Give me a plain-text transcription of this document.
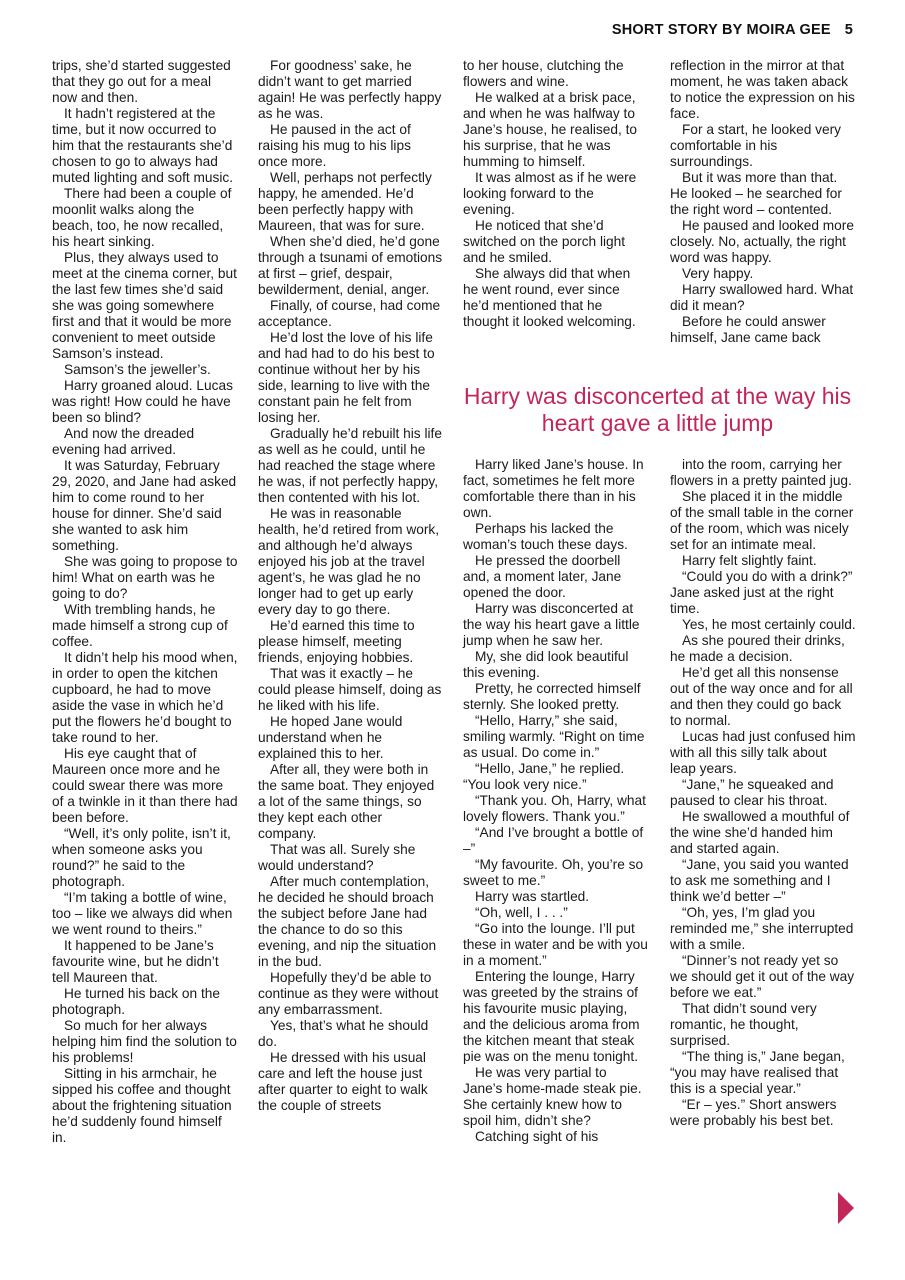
SHORT STORY BY MOIRA GEE 5

trips, she’d started suggested that they go out for a meal now and then.

It hadn’t registered at the time, but it now occurred to him that the restaurants she’d chosen to go to always had muted lighting and soft music.

There had been a couple of moonlit walks along the beach, too, he now recalled, his heart sinking.

Plus, they always used to meet at the cinema corner, but the last few times she’d said she was going somewhere first and that it would be more convenient to meet outside Samson’s instead.

Samson’s the jeweller’s.

Harry groaned aloud. Lucas was right! How could he have been so blind?

And now the dreaded evening had arrived.

It was Saturday, February 29, 2020, and Jane had asked him to come round to her house for dinner. She’d said she wanted to ask him something.

She was going to propose to him! What on earth was he going to do?

With trembling hands, he made himself a strong cup of coffee.

It didn’t help his mood when, in order to open the kitchen cupboard, he had to move aside the vase in which he’d put the flowers he’d bought to take round to her.

His eye caught that of Maureen once more and he could swear there was more of a twinkle in it than there had been before.

“Well, it’s only polite, isn’t it, when someone asks you round?” he said to the photograph.

“I’m taking a bottle of wine, too – like we always did when we went round to theirs.”

It happened to be Jane’s favourite wine, but he didn’t tell Maureen that.

He turned his back on the photograph.

So much for her always helping him find the solution to his problems!

Sitting in his armchair, he sipped his coffee and thought about the frightening situation he’d suddenly found himself in.

For goodness’ sake, he didn’t want to get married again! He was perfectly happy as he was.

He paused in the act of raising his mug to his lips once more.

Well, perhaps not perfectly happy, he amended. He’d been perfectly happy with Maureen, that was for sure.

When she’d died, he’d gone through a tsunami of emotions at first – grief, despair, bewilderment, denial, anger.

Finally, of course, had come acceptance.

He’d lost the love of his life and had had to do his best to continue without her by his side, learning to live with the constant pain he felt from losing her.

Gradually he’d rebuilt his life as well as he could, until he had reached the stage where he was, if not perfectly happy, then contented with his lot.

He was in reasonable health, he’d retired from work, and although he’d always enjoyed his job at the travel agent’s, he was glad he no longer had to get up early every day to go there.

He’d earned this time to please himself, meeting friends, enjoying hobbies.

That was it exactly – he could please himself, doing as he liked with his life.

He hoped Jane would understand when he explained this to her.

After all, they were both in the same boat. They enjoyed a lot of the same things, so they kept each other company.

That was all. Surely she would understand?

After much contemplation, he decided he should broach the subject before Jane had the chance to do so this evening, and nip the situation in the bud.

Hopefully they’d be able to continue as they were without any embarrassment.

Yes, that’s what he should do.

He dressed with his usual care and left the house just after quarter to eight to walk the couple of streets

to her house, clutching the flowers and wine.

He walked at a brisk pace, and when he was halfway to Jane’s house, he realised, to his surprise, that he was humming to himself.

It was almost as if he were looking forward to the evening.

He noticed that she’d switched on the porch light and he smiled.

She always did that when he went round, ever since he’d mentioned that he thought it looked welcoming.

reflection in the mirror at that moment, he was taken aback to notice the expression on his face.

For a start, he looked very comfortable in his surroundings.

But it was more than that. He looked – he searched for the right word – contented.

He paused and looked more closely. No, actually, the right word was happy.

Very happy.

Harry swallowed hard. What did it mean?

Before he could answer himself, Jane came back

Harry was disconcerted at the way his heart gave a little jump

Harry liked Jane’s house. In fact, sometimes he felt more comfortable there than in his own.

Perhaps his lacked the woman’s touch these days.

He pressed the doorbell and, a moment later, Jane opened the door.

Harry was disconcerted at the way his heart gave a little jump when he saw her.

My, she did look beautiful this evening.

Pretty, he corrected himself sternly. She looked pretty.

“Hello, Harry,” she said, smiling warmly. “Right on time as usual. Do come in.”

“Hello, Jane,” he replied. “You look very nice.”

“Thank you. Oh, Harry, what lovely flowers. Thank you.”

“And I’ve brought a bottle of –”

“My favourite. Oh, you’re so sweet to me.”

Harry was startled.

“Oh, well, I . . .”

“Go into the lounge. I’ll put these in water and be with you in a moment.”

Entering the lounge, Harry was greeted by the strains of his favourite music playing, and the delicious aroma from the kitchen meant that steak pie was on the menu tonight.

He was very partial to Jane’s home-made steak pie. She certainly knew how to spoil him, didn’t she?

Catching sight of his

into the room, carrying her flowers in a pretty painted jug.

She placed it in the middle of the small table in the corner of the room, which was nicely set for an intimate meal.

Harry felt slightly faint.

“Could you do with a drink?” Jane asked just at the right time.

Yes, he most certainly could.

As she poured their drinks, he made a decision.

He’d get all this nonsense out of the way once and for all and then they could go back to normal.

Lucas had just confused him with all this silly talk about leap years.

“Jane,” he squeaked and paused to clear his throat.

He swallowed a mouthful of the wine she’d handed him and started again.

“Jane, you said you wanted to ask me something and I think we’d better –”

“Oh, yes, I’m glad you reminded me,” she interrupted with a smile.

“Dinner’s not ready yet so we should get it out of the way before we eat.”

That didn’t sound very romantic, he thought, surprised.

“The thing is,” Jane began, “you may have realised that this is a special year.”

“Er – yes.” Short answers were probably his best bet.
